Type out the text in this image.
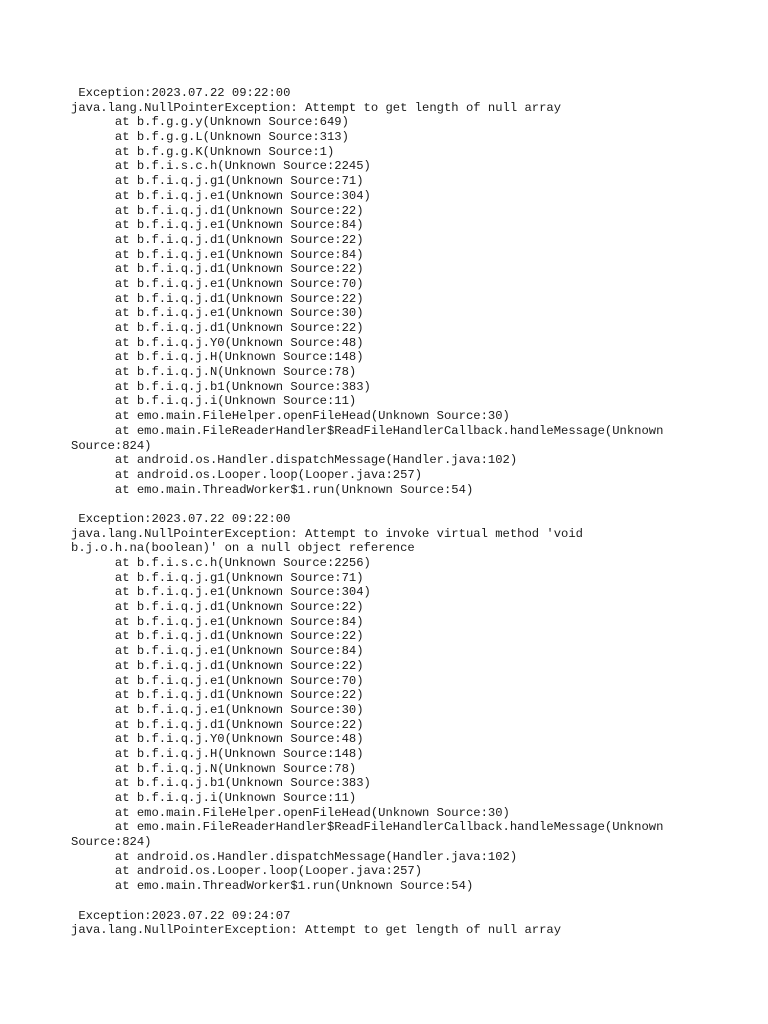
Exception:2023.07.22 09:22:00
java.lang.NullPointerException: Attempt to get length of null array
at b.f.g.g.y(Unknown Source:649)
at b.f.g.g.L(Unknown Source:313)
at b.f.g.g.K(Unknown Source:1)
at b.f.i.s.c.h(Unknown Source:2245)
at b.f.i.q.j.g1(Unknown Source:71)
at b.f.i.q.j.e1(Unknown Source:304)
at b.f.i.q.j.d1(Unknown Source:22)
at b.f.i.q.j.e1(Unknown Source:84)
at b.f.i.q.j.d1(Unknown Source:22)
at b.f.i.q.j.e1(Unknown Source:84)
at b.f.i.q.j.d1(Unknown Source:22)
at b.f.i.q.j.e1(Unknown Source:70)
at b.f.i.q.j.d1(Unknown Source:22)
at b.f.i.q.j.e1(Unknown Source:30)
at b.f.i.q.j.d1(Unknown Source:22)
at b.f.i.q.j.Y0(Unknown Source:48)
at b.f.i.q.j.H(Unknown Source:148)
at b.f.i.q.j.N(Unknown Source:78)
at b.f.i.q.j.b1(Unknown Source:383)
at b.f.i.q.j.i(Unknown Source:11)
at emo.main.FileHelper.openFileHead(Unknown Source:30)
at emo.main.FileReaderHandler$ReadFileHandlerCallback.handleMessage(Unknown
Source:824)
at android.os.Handler.dispatchMessage(Handler.java:102)
at android.os.Looper.loop(Looper.java:257)
at emo.main.ThreadWorker$1.run(Unknown Source:54)
Exception:2023.07.22 09:22:00
java.lang.NullPointerException: Attempt to invoke virtual method 'void
b.j.o.h.na(boolean)' on a null object reference
at b.f.i.s.c.h(Unknown Source:2256)
at b.f.i.q.j.g1(Unknown Source:71)
at b.f.i.q.j.e1(Unknown Source:304)
at b.f.i.q.j.d1(Unknown Source:22)
at b.f.i.q.j.e1(Unknown Source:84)
at b.f.i.q.j.d1(Unknown Source:22)
at b.f.i.q.j.e1(Unknown Source:84)
at b.f.i.q.j.d1(Unknown Source:22)
at b.f.i.q.j.e1(Unknown Source:70)
at b.f.i.q.j.d1(Unknown Source:22)
at b.f.i.q.j.e1(Unknown Source:30)
at b.f.i.q.j.d1(Unknown Source:22)
at b.f.i.q.j.Y0(Unknown Source:48)
at b.f.i.q.j.H(Unknown Source:148)
at b.f.i.q.j.N(Unknown Source:78)
at b.f.i.q.j.b1(Unknown Source:383)
at b.f.i.q.j.i(Unknown Source:11)
at emo.main.FileHelper.openFileHead(Unknown Source:30)
at emo.main.FileReaderHandler$ReadFileHandlerCallback.handleMessage(Unknown
Source:824)
at android.os.Handler.dispatchMessage(Handler.java:102)
at android.os.Looper.loop(Looper.java:257)
at emo.main.ThreadWorker$1.run(Unknown Source:54)
Exception:2023.07.22 09:24:07
java.lang.NullPointerException: Attempt to get length of null array
